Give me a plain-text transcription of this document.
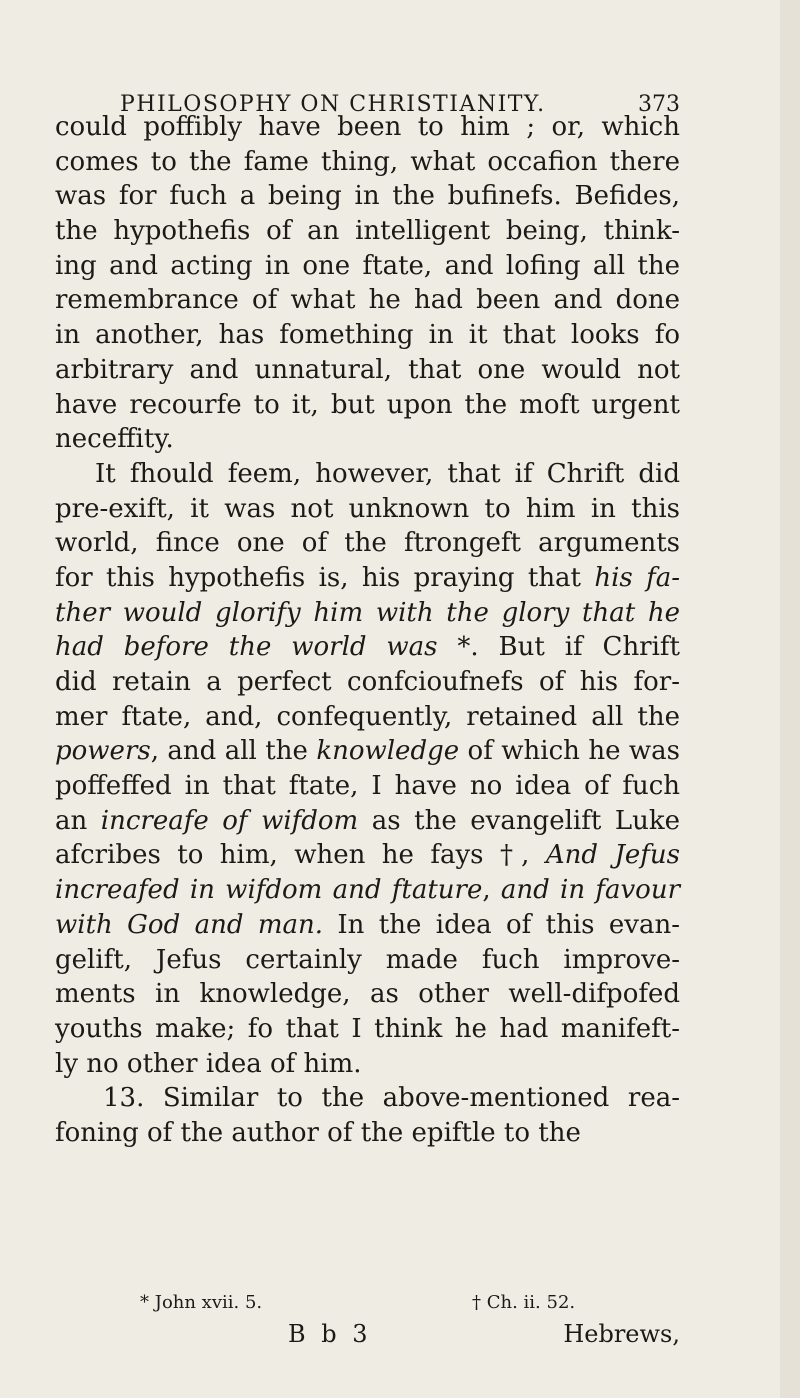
PHILOSOPHY ON CHRISTIANITY.	373
could poffibly have been to him ; or, which
comes to the fame thing, what occafion there
was for fuch a being in the bufinefs. Befides,
the hypothefis of an intelligent being, think-
ing and acting in one ftate, and lofing all the
remembrance of what he had been and done
in another, has fomething in it that looks fo
arbitrary and unnatural, that one would not
have recourfe to it, but upon the moft urgent
neceffity.
It fhould feem, however, that if Chrift did
pre-exift, it was not unknown to him in this
world, fince one of the ftrongeft arguments
for this hypothefis is, his praying that his fa-
ther would glorify him with the glory that he
had before the world was *. But if Chrift
did retain a perfect confcioufnefs of his for-
mer ftate, and, confequently, retained all the
powers, and all the knowledge of which he was
poffeffed in that ftate, I have no idea of fuch
an increafe of wifdom as the evangelift Luke
afcribes to him, when he fays †, And Jefus
increafed in wifdom and ftature, and in favour
with God and man. In the idea of this evan-
gelift, Jefus certainly made fuch improve-
ments in knowledge, as other well-difpofed
youths make; fo that I think he had manifeft-
ly no other idea of him.
13. Similar to the above-mentioned rea-
foning of the author of the epiftle to the
* John xvii. 5.	† Ch. ii. 52.
B b 3	Hebrews,
